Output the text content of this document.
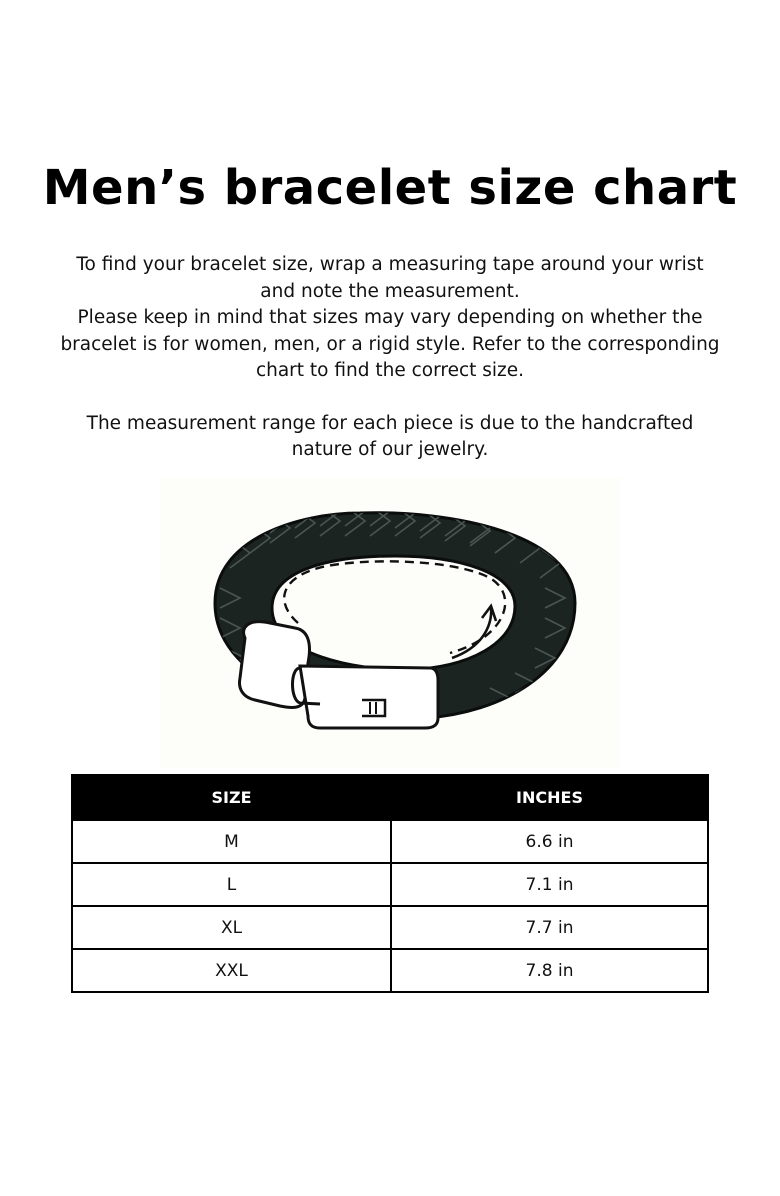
Men’s bracelet size chart

To find your bracelet size, wrap a measuring tape around your wrist

and note the measurement.

Please keep in mind that sizes may vary depending on whether the

bracelet is for women, men, or a rigid style. Refer to the corresponding

chart to find the correct size.

The measurement range for each piece is due to the handcrafted

nature of our jewelry.

SIZE	INCHES
M	6.6 in
L	7.1 in
XL	7.7 in
XXL	7.8 in
